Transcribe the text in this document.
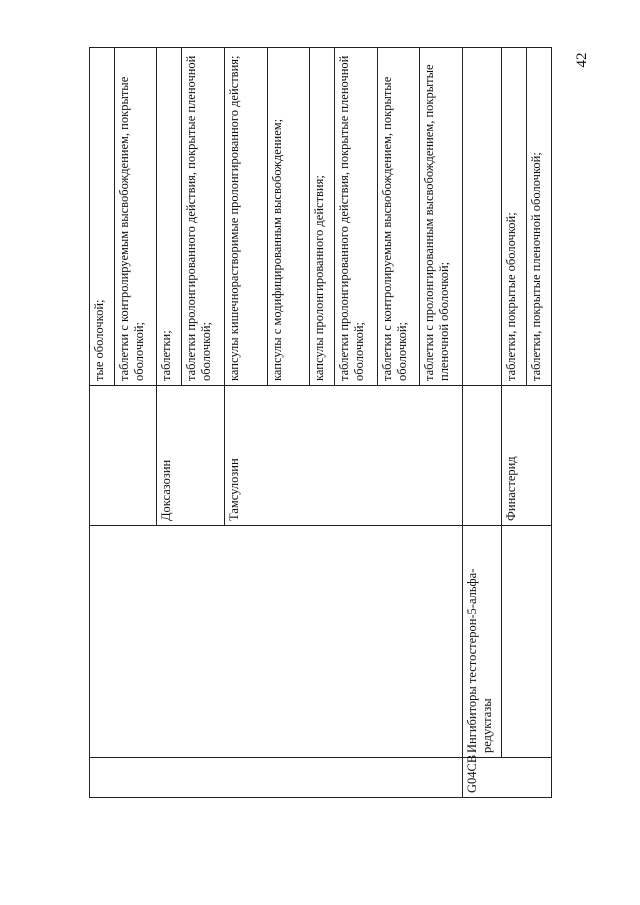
42
			тые оболочкой;
			таблетки с контролируемым высвобождением, покрытые оболочкой;
		Доксазозин	таблетки;
			таблетки пролонгированного действия, покрытые пленочной оболочкой;
		Тамсулозин	капсулы кишечнорастворимые пролонгированного действия;
			капсулы с модифицированным высвобождением;
			капсулы пролонгированного действия;
			таблетки пролонгированного действия, покрытые пленочной оболочкой;
			таблетки с контролируемым высвобождением, покрытые оболочкой;
			таблетки с пролонгированным высвобождением, покрытые пленочной оболочкой;
G04CB	Ингибиторы тестостерон-5-альфа-редуктазы		
		Финастерид	таблетки, покрытые оболочкой;
			таблетки, покрытые пленочной оболочкой;
